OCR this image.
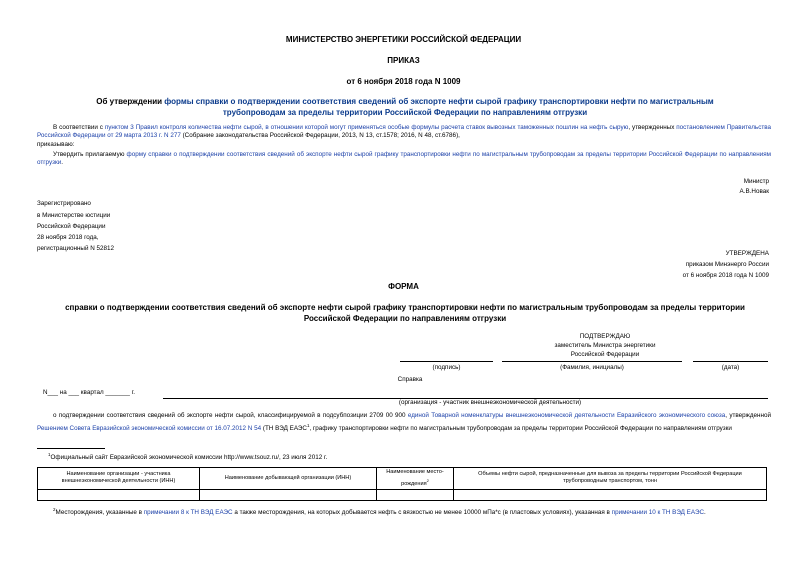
МИНИСТЕРСТВО ЭНЕРГЕТИКИ РОССИЙСКОЙ ФЕДЕРАЦИИ
ПРИКАЗ
от 6 ноября 2018 года N 1009
Об утверждении формы справки о подтверждении соответствия сведений об экспорте нефти сырой графику транспортировки нефти по магистральным трубопроводам за пределы территории Российской Федерации по направлениям отгрузки
В соответствии с пунктом 3 Правил контроля количества нефти сырой, в отношении которой могут применяться особые формулы расчета ставок вывозных таможенных пошлин на нефть сырую, утвержденных постановлением Правительства Российской Федерации от 29 марта 2013 г. N 277 (Собрание законодательства Российской Федерации, 2013, N 13, ст.1578; 2016, N 48, ст.6786),
приказываю:
Утвердить прилагаемую форму справки о подтверждении соответствия сведений об экспорте нефти сырой графику транспортировки нефти по магистральным трубопроводам за пределы территории Российской Федерации по направлениям отгрузки.
Министр
А.В.Новак
Зарегистрировано
в Министерстве юстиции
Российской Федерации
28 ноября 2018 года,
регистрационный N 52812
УТВЕРЖДЕНА
приказом Минэнерго России
от 6 ноября 2018 года N 1009
ФОРМА
справки о подтверждении соответствия сведений об экспорте нефти сырой графику транспортировки нефти по магистральным трубопроводам за пределы территории Российской Федерации по направлениям отгрузки
ПОДТВЕРЖДАЮ
заместитель Министра энергетики
Российской Федерации
(подпись)	(Фамилия, инициалы)	(дата)
Справка
N___ на ___ квартал _______ г.
(организация - участник внешнеэкономической деятельности)
о подтверждении соответствия сведений об экспорте нефти сырой, классифицируемой в подсубпозиции 2709 00 900 единой Товарной номенклатуры внешнеэкономической деятельности Евразийского экономического союза, утвержденной Решением Совета Евразийской экономической комиссии от 16.07.2012 N 54 (ТН ВЭД ЕАЭС$^1$, графику транспортировки нефти по магистральным трубопроводам за пределы территории Российской Федерации по направлениям отгрузки
$^1$Официальный сайт Евразийской экономической комиссии http://www.tsouz.ru/, 23 июля 2012 г.
Наименование организации - участника внешнеэкономической деятельности (ИНН)	Наименование добывающей организации (ИНН)	Наименование место-рождения$^2$	Объемы нефти сырой, предназначенные для вывоза за пределы территории Российской Федерации трубопроводным транспортом, тонн

$^2$Месторождения, указанные в примечании 8 к ТН ВЭД ЕАЭС а также месторождения, на которых добывается нефть с вязкостью не менее 10000 мПа*с (в пластовых условиях), указанная в примечании 10 к ТН ВЭД ЕАЭС.
